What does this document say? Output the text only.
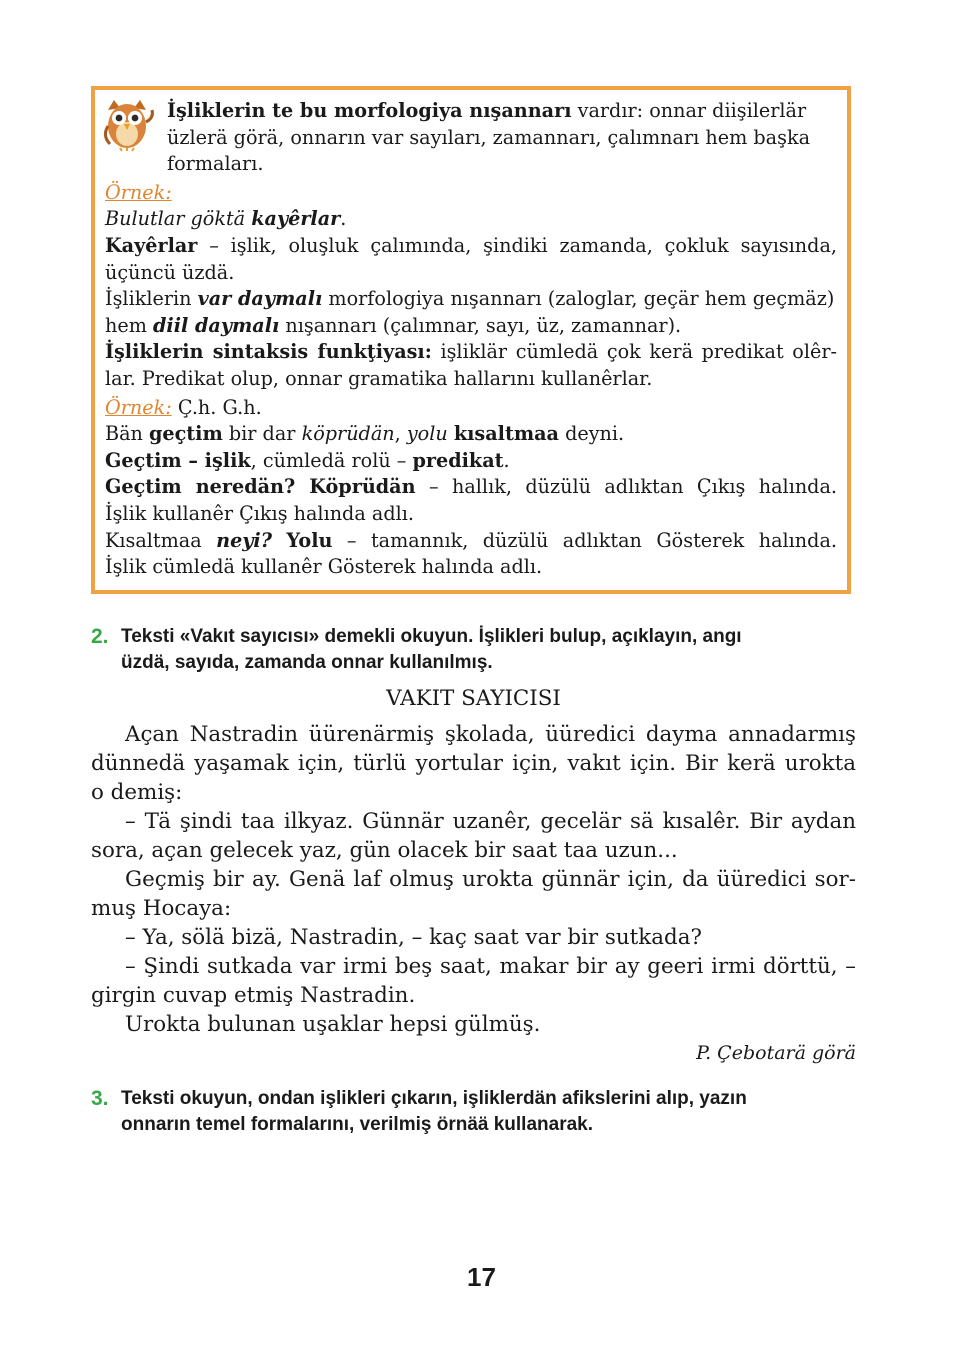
İşliklerin te bu morfologiya nışannarı vardır: onnar diişilerlär
üzlerä görä, onnarın var sayıları, zamannarı, çalımnarı hem başka
formaları.
Örnek:
Bulutlar göktä kayêrlar.
Kayêrlar – işlik, oluşluk çalımında, şindiki zamanda, çokluk sayısında,
üçüncü üzdä.
İşliklerin var daymalı morfologiya nışannarı (zaloglar, geçär hem geçmäz)
hem diil daymalı nışannarı (çalımnar, sayı, üz, zamannar).
İşliklerin sintaksis funkţiyası: işliklär cümledä çok kerä predikat olêr-
lar. Predikat olup, onnar gramatika hallarını kullanêrlar.
Örnek: Ç.h. G.h.
Bän geçtim bir dar köprüdän, yolu kısaltmaa deyni.
Geçtim – işlik, cümledä rolü – predikat.
Geçtim neredän? Köprüdän – hallık, düzülü adlıktan Çıkış halında.
İşlik kullanêr Çıkış halında adlı.
Kısaltmaa neyi? Yolu – tamannık, düzülü adlıktan Gösterek halında.
İşlik cümledä kullanêr Gösterek halında adlı.
2. Teksti «Vakıt sayıcısı» demekli okuyun. İşlikleri bulup, açıklayın, angı
üzdä, sayıda, zamanda onnar kullanılmış.
VAKIT SAYICISI
Açan Nastradin üürenärmiş şkolada, üüredici dayma annadarmış
dünnedä yaşamak için, türlü yortular için, vakıt için. Bir kerä urokta
o demiş:
– Tä şindi taa ilkyaz. Günnär uzanêr, gecelär sä kısalêr. Bir aydan
sora, açan gelecek yaz, gün olacek bir saat taa uzun...
Geçmiş bir ay. Genä laf olmuş urokta günnär için, da üüredici sor-
muş Hocaya:
– Ya, sölä bizä, Nastradin, – kaç saat var bir sutkada?
– Şindi sutkada var irmi beş saat, makar bir ay geeri irmi dörttü, –
girgin cuvap etmiş Nastradin.
Urokta bulunan uşaklar hepsi gülmüş.
P. Çebotarä görä
3. Teksti okuyun, ondan işlikleri çıkarın, işliklerdän afikslerini alıp, yazın
onnarın temel formalarını, verilmiş örnää kullanarak.
17
